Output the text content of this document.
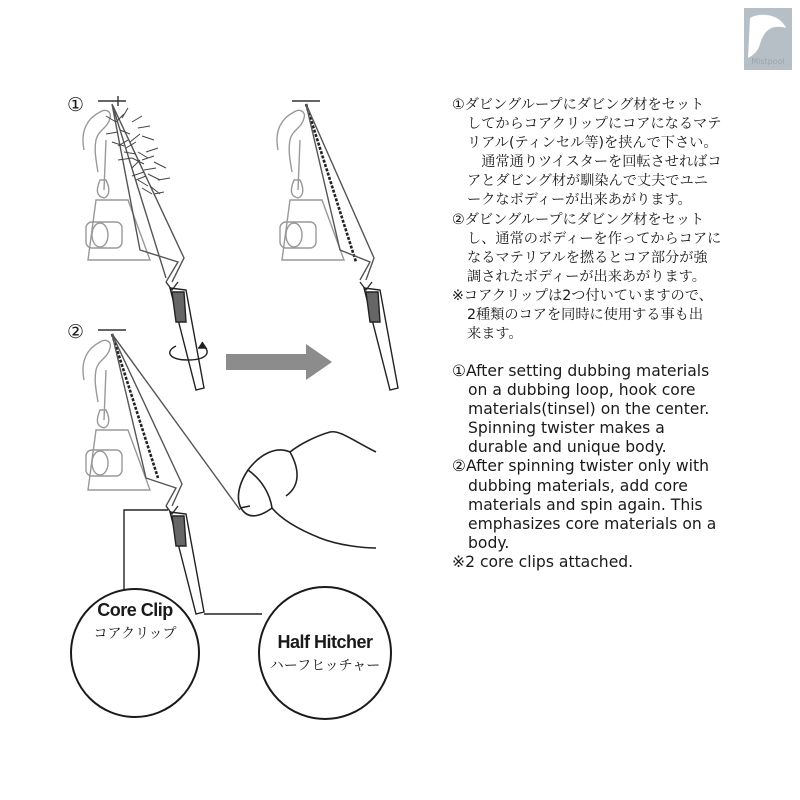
①
②
Core Clip
コアクリップ	Half Hitcher
ハーフヒッチャー

①ダビングループにダビング材をセット
してからコアクリップにコアになるマテ
リアル(ティンセル等)を挟んで下さい。
　通常通りツイスターを回転させればコ
アとダビング材が馴染んで丈夫でユニ
ークなボディーが出来あがります。

②ダビングループにダビング材をセット
し、通常のボディーを作ってからコアに
なるマテリアルを撚るとコア部分が強
調されたボディーが出来あがります。

※コアクリップは2つ付いていますので、
2種類のコアを同時に使用する事も出
来ます。

①After setting dubbing materials
on a dubbing loop, hook core
materials(tinsel) on the center.
Spinning twister makes a
durable and unique body.

②After spinning twister only with
dubbing materials, add core
materials and spin again. This
emphasizes core materials on a
body.

※2 core clips attached.

Mistpool
